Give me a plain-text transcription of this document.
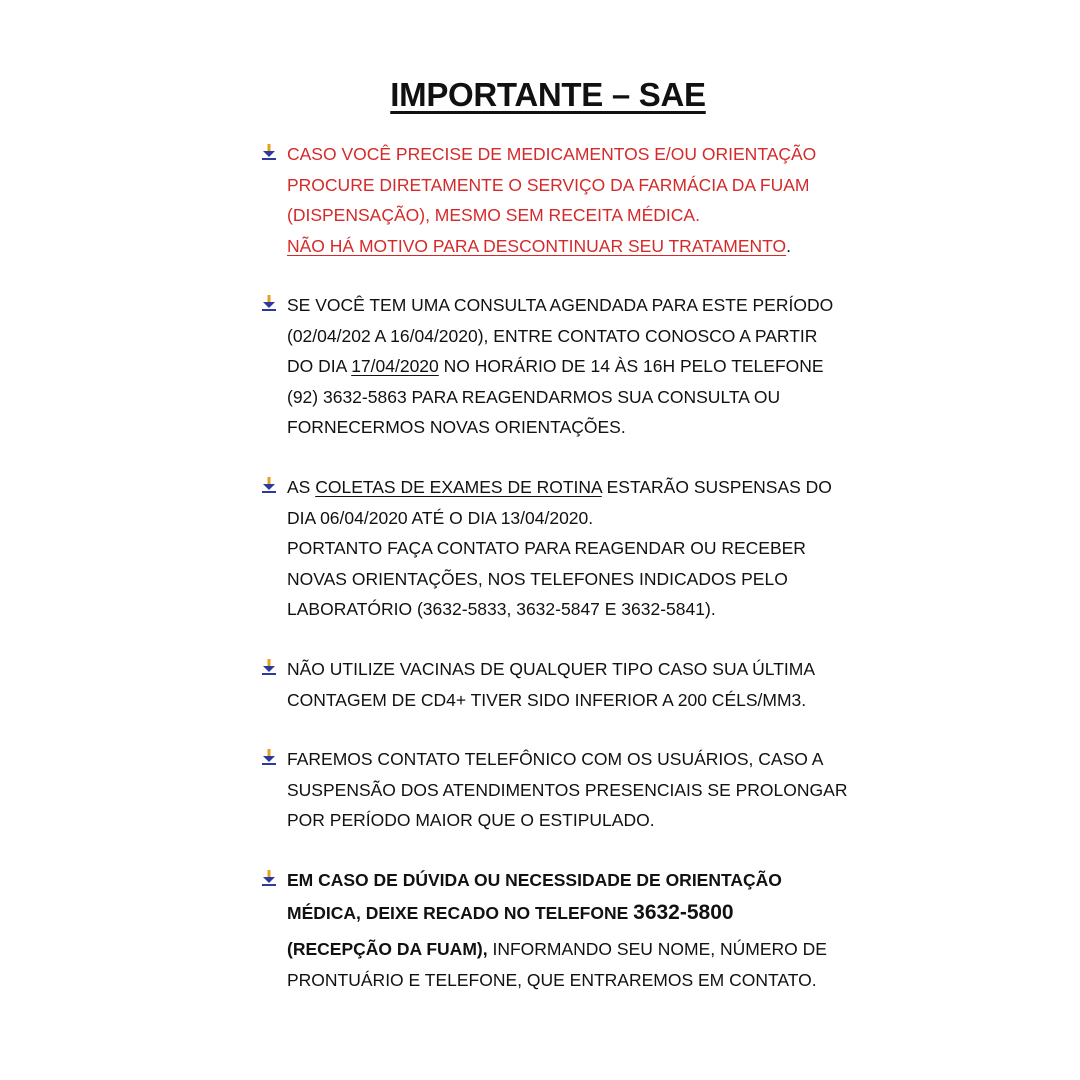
IMPORTANTE – SAE
CASO VOCÊ PRECISE DE MEDICAMENTOS E/OU ORIENTAÇÃO
PROCURE DIRETAMENTE O SERVIÇO DA FARMÁCIA DA FUAM
(DISPENSAÇÃO), MESMO SEM RECEITA MÉDICA.
NÃO HÁ MOTIVO PARA DESCONTINUAR SEU TRATAMENTO.
SE VOCÊ TEM UMA CONSULTA AGENDADA PARA ESTE PERÍODO
(02/04/202 A 16/04/2020), ENTRE CONTATO CONOSCO A PARTIR
DO DIA 17/04/2020 NO HORÁRIO DE 14 ÀS 16H PELO TELEFONE
(92) 3632-5863 PARA REAGENDARMOS SUA CONSULTA OU
FORNECERMOS NOVAS ORIENTAÇÕES.
AS COLETAS DE EXAMES DE ROTINA ESTARÃO SUSPENSAS DO
DIA 06/04/2020 ATÉ O DIA 13/04/2020.
PORTANTO FAÇA CONTATO PARA REAGENDAR OU RECEBER
NOVAS ORIENTAÇÕES, NOS TELEFONES INDICADOS PELO
LABORATÓRIO (3632-5833, 3632-5847 E 3632-5841).
NÃO UTILIZE VACINAS DE QUALQUER TIPO CASO SUA ÚLTIMA
CONTAGEM DE CD4+ TIVER SIDO INFERIOR A 200 CÉLS/MM3.
FAREMOS CONTATO TELEFÔNICO COM OS USUÁRIOS, CASO A
SUSPENSÃO DOS ATENDIMENTOS PRESENCIAIS SE PROLONGAR
POR PERÍODO MAIOR QUE O ESTIPULADO.
EM CASO DE DÚVIDA OU NECESSIDADE DE ORIENTAÇÃO
MÉDICA, DEIXE RECADO NO TELEFONE 3632-5800
(RECEPÇÃO DA FUAM), INFORMANDO SEU NOME, NÚMERO DE
PRONTUÁRIO E TELEFONE, QUE ENTRAREMOS EM CONTATO.
